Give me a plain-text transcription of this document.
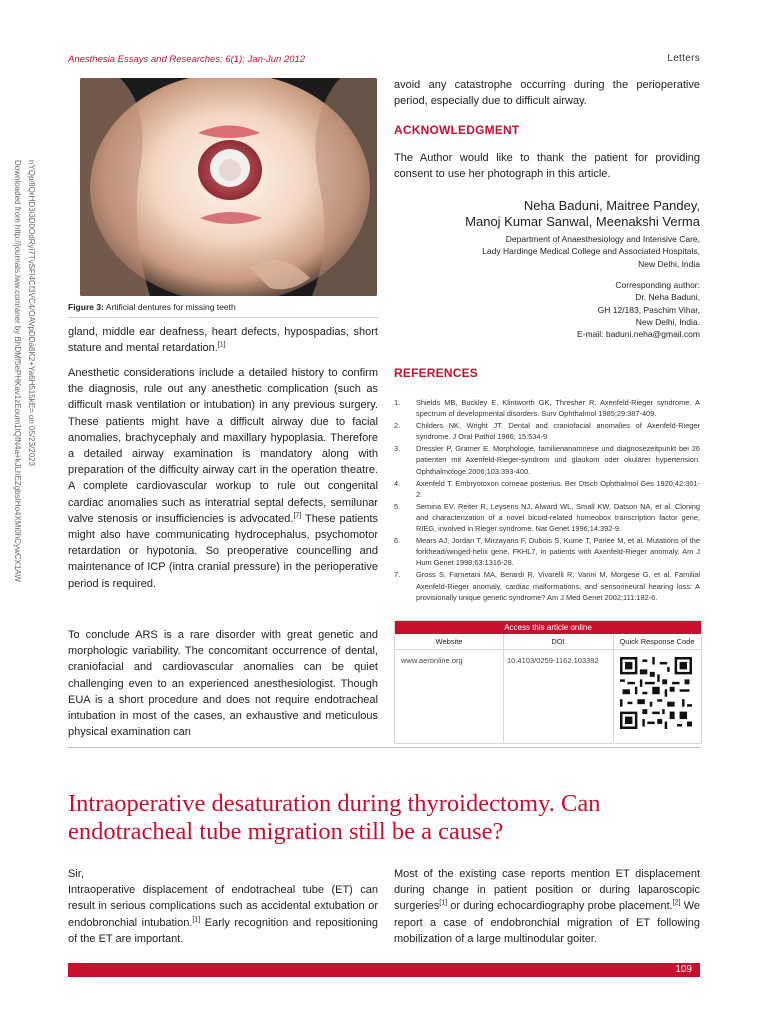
Anesthesia Essays and Researches; 6(1); Jan-Jun 2012	Letters
Downloaded from http://journals.lww.com/aner by BhDMf5ePHKav1zEoum1tQfN4a+kJLhEZgbsIHo4XMi0hCywCX1AW nYQp/IlQrHD3i3D0OdRyi7TvSFl4Cf3VC4/OAVpDDa8K2+Ya6H515kE= on 05/23/2023	Figure 3: Artificial dentures for missing teeth
gland, middle ear deafness, heart defects, hypospadias, short stature and mental retardation.[1]
Anesthetic considerations include a detailed history to confirm the diagnosis, rule out any anesthetic complication (such as difficult mask ventilation or intubation) in any previous surgery. These patients might have a difficult airway due to facial anomalies, brachycephaly and maxillary hypoplasia. Therefore a detailed airway examination is mandatory along with preparation of the difficulty airway cart in the operation theatre. A complete cardiovascular workup to rule out congenital cardiac anomalies such as interatrial septal defects, semilunar valve stenosis or insufficiencies is advocated.[7] These patients might also have communicating hydrocephalus, psychomotor retardation or hypotonia. So preoperative councelling and maintenance of ICP (intra cranial pressure) in the perioperative period is required.
To conclude ARS is a rare disorder with great genetic and morphologic variability. The concomitant occurrence of dental, craniofacial and cardiovascular anomalies can be quiet challenging even to an experienced anesthesiologist. Though EUA is a short procedure and does not require endotracheal intubation in most of the cases, an exhaustive and meticulous physical examination can
avoid any catastrophe occurring during the perioperative period, especially due to difficult airway.
ACKNOWLEDGMENT
The Author would like to thank the patient for providing consent to use her photograph in this article.
Neha Baduni, Maitree Pandey,
Manoj Kumar Sanwal, Meenakshi Verma
Department of Anaesthesiology and Intensive Care,
Lady Hardinge Medical College and Associated Hospitals,
New Delhi, India
Corresponding author:
Dr. Neha Baduni,
GH 12/183, Paschim Vihar,
New Delhi, India.
E-mail: baduni.neha@gmail.com
REFERENCES
1. Shields MB, Buckley E, Klintworth GK, Thresher R. Axenfeld-Rieger syndrome. A spectrum of developmental disorders. Surv Ophthalmol 1985;29:387-409.
2. Childers NK, Wright JT. Dental and craniofacial anomalies of Axenfeld-Rieger syndrome. J Oral Pathol 1986; 15:534-9.
3. Dressler P, Gramer E. Morphologie, familienanamnese und diagnosezeitpunkt bei 26 patienten mit Axenfeld-Rieger-syndrom und glaukom oder okulärer hypertension. Ophthalmologe 2006;103:393-400.
4. Axenfeld T. Embryotoxon corneae posterius. Ber Dtsch Ophthalmol Ges 1920;42:301-2.
5. Semina EV, Reiter R, Leysens NJ, Alward WL, Small KW, Datson NA, et al. Cloning and characterization of a novel bicoid-related homeobox transcription factor gene, RIEG, involved in Rieger syndrome. Nat Genet 1996;14:392-9.
6. Mears AJ, Jordan T, Mirzayans F, Dubois S, Kume T, Parlee M, et al. Mutations of the forkhead/winged-helix gene, FKHL7, in patients with Axenfeld-Rieger anomaly. Am J Hum Genet 1998;63:1316-28.
7. Gross S, Farnetani MA, Berardi R, Vivarelli R, Vanni M, Morgese G, et al. Familial Axenfeld-Rieger anomaly, cardiac malformations, and sensorineural hearing loss: A provisionally unique genetic syndrome? Am J Med Genet 2002;111:182-6.
Access this article online
Website	DOI	Quick Response Code
www.aeronline.org	10.4103/0259-1162.103392
Intraoperative desaturation during thyroidectomy. Can endotracheal tube migration still be a cause?
Sir,
Intraoperative displacement of endotracheal tube (ET) can result in serious complications such as accidental extubation or endobronchial intubation.[1] Early recognition and repositioning of the ET are important.
Most of the existing case reports mention ET displacement during change in patient position or during laparoscopic surgeries[1] or during echocardiography probe placement.[2] We report a case of endobronchial migration of ET following mobilization of a large multinodular goiter.
109
